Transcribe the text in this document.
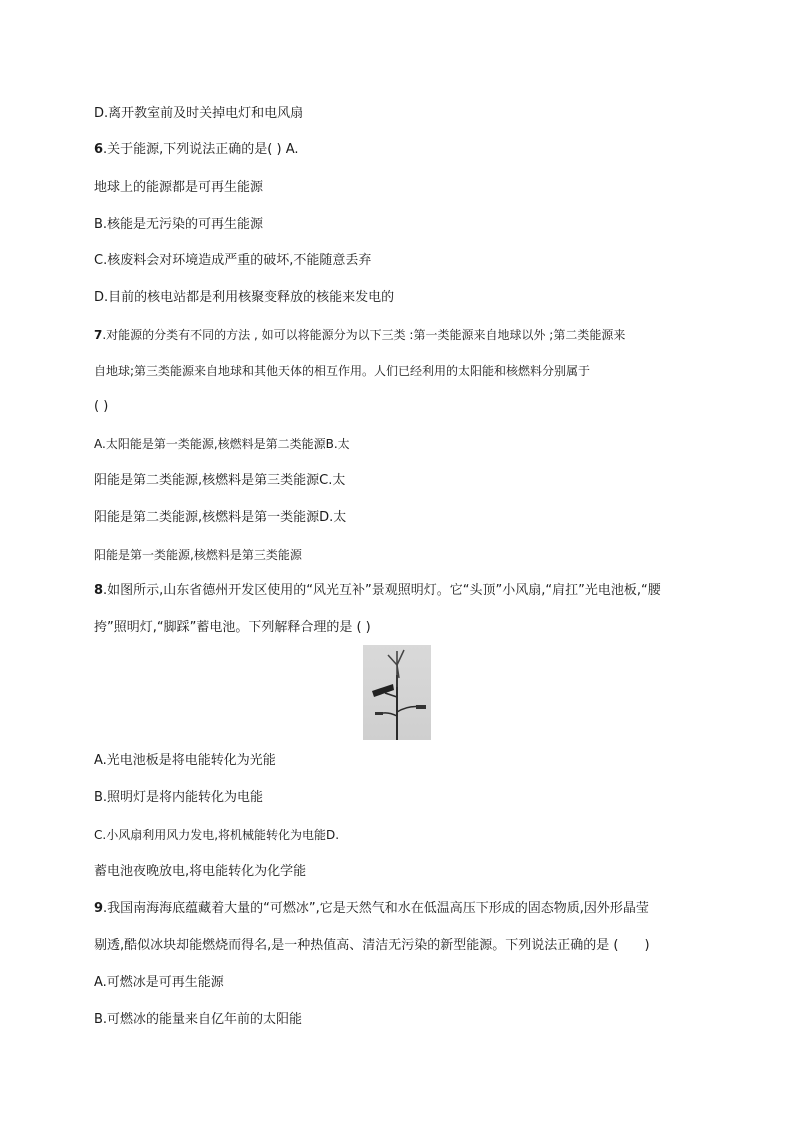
D.离开教室前及时关掉电灯和电风扇
6.关于能源,下列说法正确的是( ) A.
地球上的能源都是可再生能源
B.核能是无污染的可再生能源
C.核废料会对环境造成严重的破坏,不能随意丢弃
D.目前的核电站都是利用核聚变释放的核能来发电的
7.对能源的分类有不同的方法 , 如可以将能源分为以下三类 :第一类能源来自地球以外 ;第二类能源来
自地球;第三类能源来自地球和其他天体的相互作用。人们已经利用的太阳能和核燃料分别属于
( )
A.太阳能是第一类能源,核燃料是第二类能源B.太
阳能是第二类能源,核燃料是第三类能源C.太
阳能是第二类能源,核燃料是第一类能源D.太
阳能是第一类能源,核燃料是第三类能源
8.如图所示,山东省德州开发区使用的“风光互补”景观照明灯。它“头顶”小风扇,“肩扛”光电池板,“腰
挎”照明灯,“脚踩”蓄电池。下列解释合理的是 ( )
A.光电池板是将电能转化为光能
B.照明灯是将内能转化为电能
C.小风扇利用风力发电,将机械能转化为电能D.
蓄电池夜晚放电,将电能转化为化学能
9.我国南海海底蕴藏着大量的“可燃冰”,它是天然气和水在低温高压下形成的固态物质,因外形晶莹
剔透,酷似冰块却能燃烧而得名,是一种热值高、清洁无污染的新型能源。下列说法正确的是 (　　)
A.可燃冰是可再生能源
B.可燃冰的能量来自亿年前的太阳能
